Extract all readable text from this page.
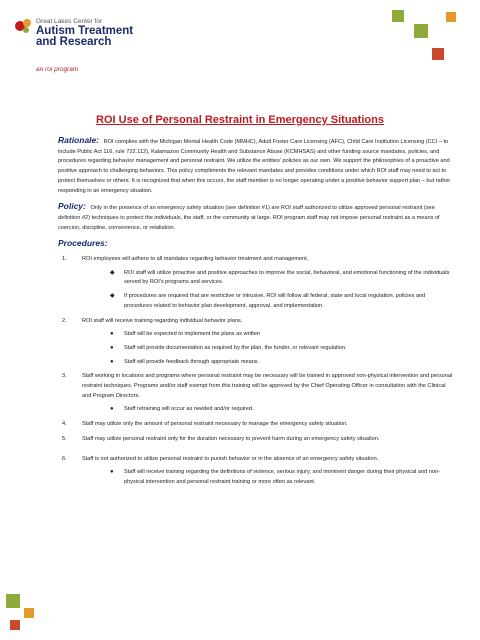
Great Lakes Center for
Autism Treatment
and Research
an roi program
ROI Use of Personal Restraint in Emergency Situations

Rationale: ROI complies with the Michigan Mental Health Code (MMHC), Adult Foster Care Licensing (AFC), Child Care Institution Licensing (CCI – to include Public Act 116, rule 722.112), Kalamazoo Community Health and Substance Abuse (KCMHSAS) and other funding source mandates, policies, and procedures regarding behavior management and personal restraint. We utilize the entities' policies as our own. We support the philosophies of a proactive and positive approach to challenging behaviors. This policy compliments the relevant mandates and provides conditions under which ROI staff may need to act to protect themselves or others. It is recognized that when this occurs, the staff member is no longer operating under a positive behavior support plan – but rather responding in an emergency situation.

Policy: Only in the presence of an emergency safety situation (see definition #1) are ROI staff authorized to utilize approved personal restraint (see definition #2) techniques to protect the individuals, the staff, or the community at large. ROI program staff may not impose personal restraint as a means of coercion, discipline, convenience, or retaliation.

Procedures:
1.	ROI employees will adhere to all mandates regarding behavior treatment and management.
◆	ROI staff will utilize proactive and positive approaches to improve the social, behavioral, and emotional functioning of the individuals served by ROI's programs and services.
◆	If procedures are required that are restrictive or intrusive, ROI will follow all federal, state and local regulation, policies and procedures related to behavior plan development, approval, and implementation.
2.	ROI staff will receive training regarding individual behavior plans.
●	Staff will be expected to implement the plans as written
●	Staff will provide documentation as required by the plan, the funder, or relevant regulation.
●	Staff will provide feedback through appropriate means.
3.	Staff working in locations and programs where personal restraint may be necessary will be trained in approved non-physical intervention and personal restraint techniques. Programs and/or staff exempt from this training will be approved by the Chief Operating Officer in consultation with the Clinical and Program Directors.
●	Staff retraining will occur as needed and/or required.
4.	Staff may utilize only the amount of personal restraint necessary to manage the emergency safety situation.
5.	Staff may utilize personal restraint only for the duration necessary to prevent harm during an emergency safety situation.
6.	Staff is not authorized to utilize personal restraint to punish behavior or in the absence of an emergency safety situation.
●	Staff will receive training regarding the definitions of violence, serious injury, and imminent danger during their physical and non-physical intervention and personal restraint training or more often as relevant.
